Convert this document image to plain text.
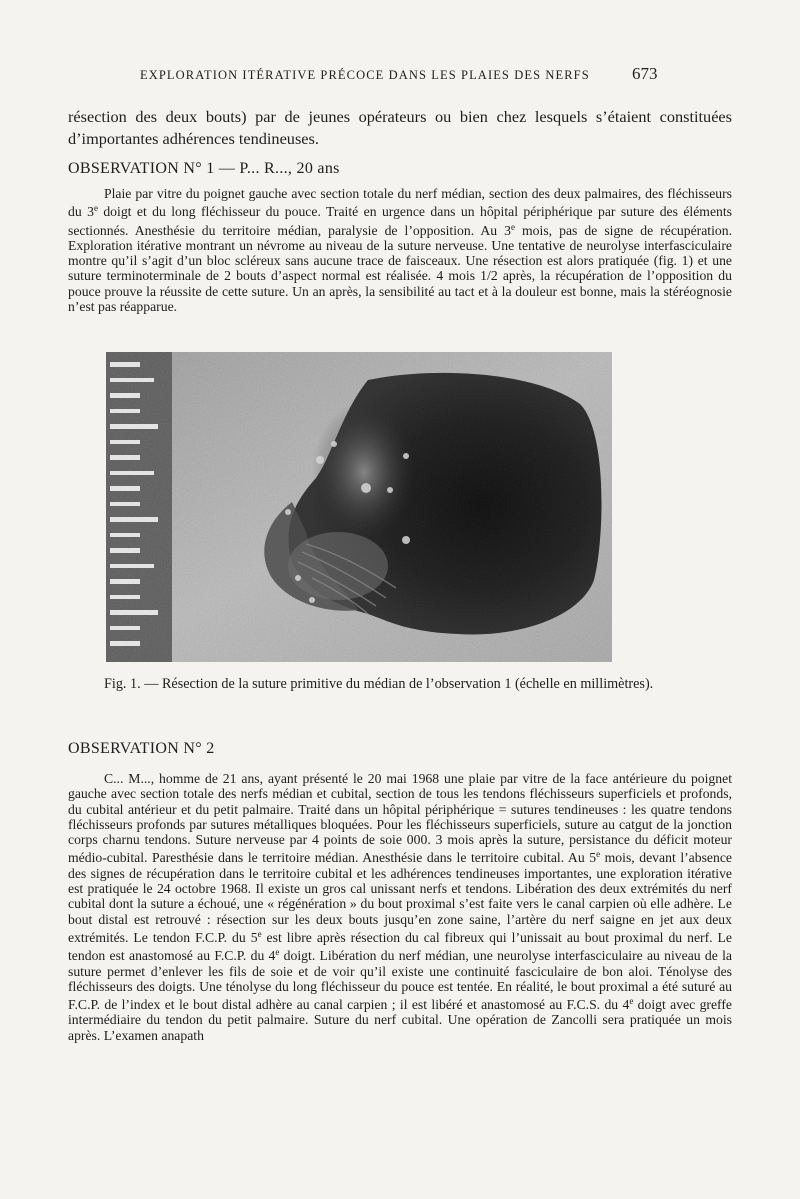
EXPLORATION ITÉRATIVE PRÉCOCE DANS LES PLAIES DES NERFS	673
résection des deux bouts) par de jeunes opérateurs ou bien chez lesquels s’étaient constituées d’importantes adhérences tendineuses.
OBSERVATION N° 1 — P... R..., 20 ans
Plaie par vitre du poignet gauche avec section totale du nerf médian, section des deux palmaires, des fléchisseurs du 3e doigt et du long fléchisseur du pouce. Traité en urgence dans un hôpital périphérique par suture des éléments sectionnés. Anesthésie du territoire médian, paralysie de l’opposition. Au 3e mois, pas de signe de récupération. Exploration itérative montrant un névrome au niveau de la suture nerveuse. Une tentative de neurolyse interfasciculaire montre qu’il s’agit d’un bloc scléreux sans aucune trace de faisceaux. Une résection est alors pratiquée (fig. 1) et une suture terminoterminale de 2 bouts d’aspect normal est réalisée. 4 mois 1/2 après, la récupération de l’opposition du pouce prouve la réussite de cette suture. Un an après, la sensibilité au tact et à la douleur est bonne, mais la stéréognosie n’est pas réapparue.
Fig. 1. — Résection de la suture primitive du médian de l’observation 1 (échelle en millimètres).
OBSERVATION N° 2
C... M..., homme de 21 ans, ayant présenté le 20 mai 1968 une plaie par vitre de la face antérieure du poignet gauche avec section totale des nerfs médian et cubital, section de tous les tendons fléchisseurs superficiels et profonds, du cubital antérieur et du petit palmaire. Traité dans un hôpital périphérique = sutures tendineuses : les quatre tendons fléchisseurs profonds par sutures métalliques bloquées. Pour les fléchisseurs superficiels, suture au catgut de la jonction corps charnu tendons. Suture nerveuse par 4 points de soie 000. 3 mois après la suture, persistance du déficit moteur médio-cubital. Paresthésie dans le territoire médian. Anesthésie dans le territoire cubital. Au 5e mois, devant l’absence des signes de récupération dans le territoire cubital et les adhérences tendineuses importantes, une exploration itérative est pratiquée le 24 octobre 1968. Il existe un gros cal unissant nerfs et tendons. Libération des deux extrémités du nerf cubital dont la suture a échoué, une « régénération » du bout proximal s’est faite vers le canal carpien où elle adhère. Le bout distal est retrouvé : résection sur les deux bouts jusqu’en zone saine, l’artère du nerf saigne en jet aux deux extrémités. Le tendon F.C.P. du 5e est libre après résection du cal fibreux qui l’unissait au bout proximal du nerf. Le tendon est anastomosé au F.C.P. du 4e doigt. Libération du nerf médian, une neurolyse interfasciculaire au niveau de la suture permet d’enlever les fils de soie et de voir qu’il existe une continuité fasciculaire de bon aloi. Ténolyse des fléchisseurs des doigts. Une ténolyse du long fléchisseur du pouce est tentée. En réalité, le bout proximal a été suturé au F.C.P. de l’index et le bout distal adhère au canal carpien ; il est libéré et anastomosé au F.C.S. du 4e doigt avec greffe intermédiaire du tendon du petit palmaire. Suture du nerf cubital. Une opération de Zancolli sera pratiquée un mois après. L’examen anapath
